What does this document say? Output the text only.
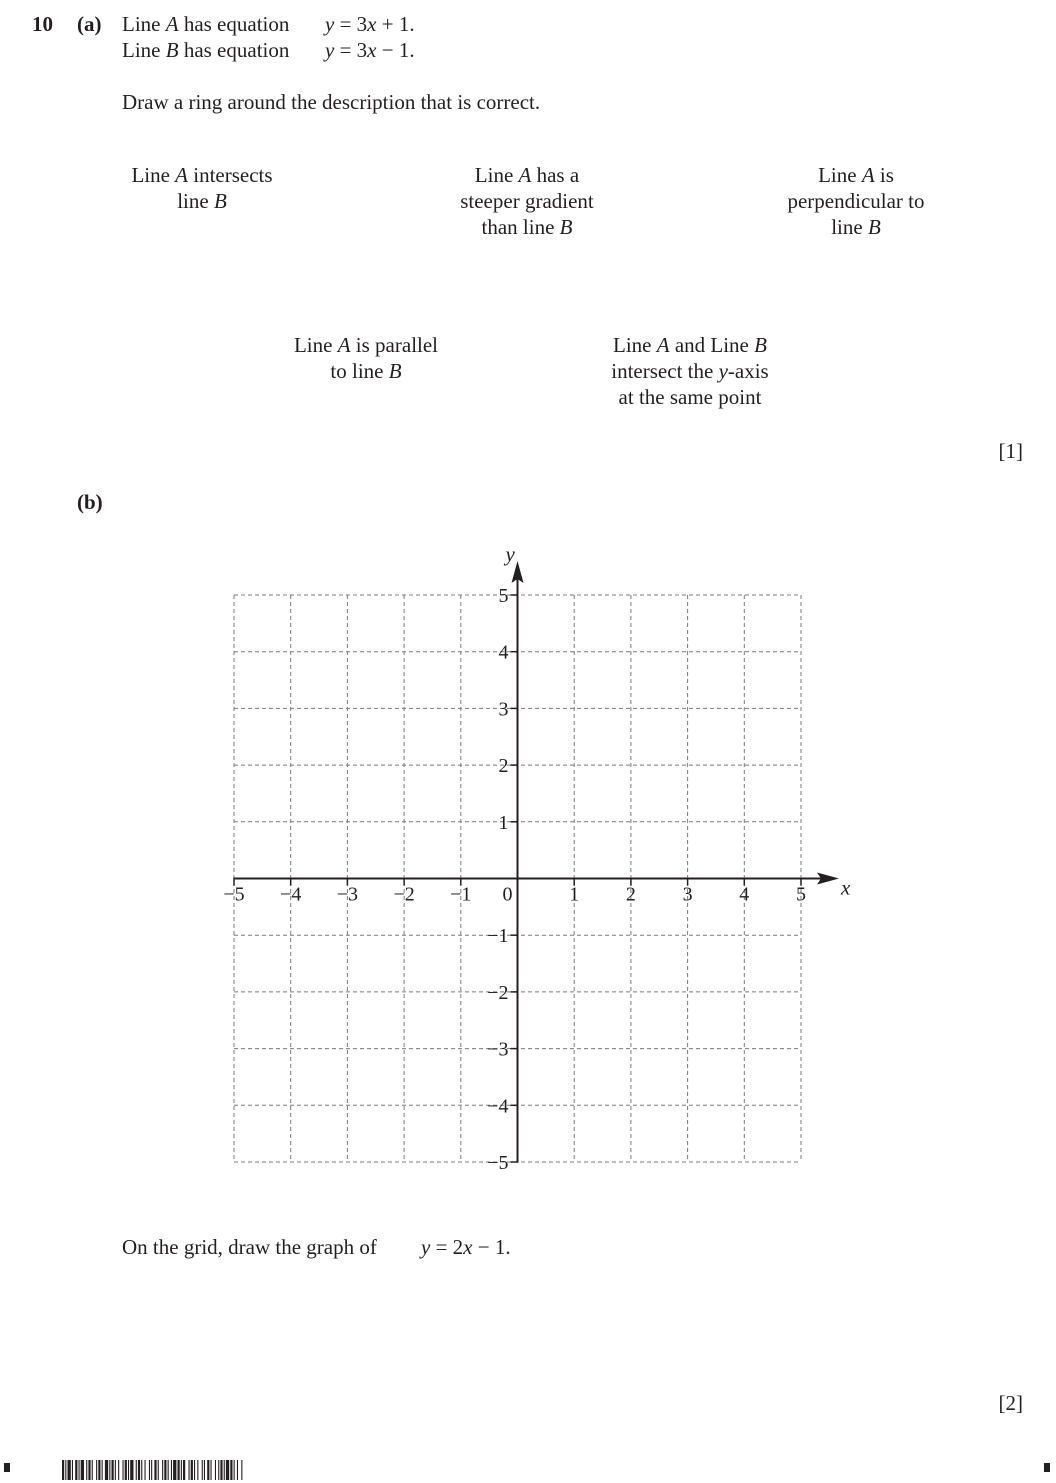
10 (a) Line A has equation y = 3x + 1.
Line B has equation y = 3x − 1.
Draw a ring around the description that is correct.
Line A intersects
line B
Line A has a
steeper gradient
than line B
Line A is
perpendicular to
line B
Line A is parallel
to line B
Line A and Line B
intersect the y-axis
at the same point
[1]
(b)
−5 −4 −3 −2 −1 0	1 2 3 4 5
−5
−4
−3
−2
−1
1
2
3
4
5
x
y
On the grid, draw the graph of y = 2x − 1.
[2]
